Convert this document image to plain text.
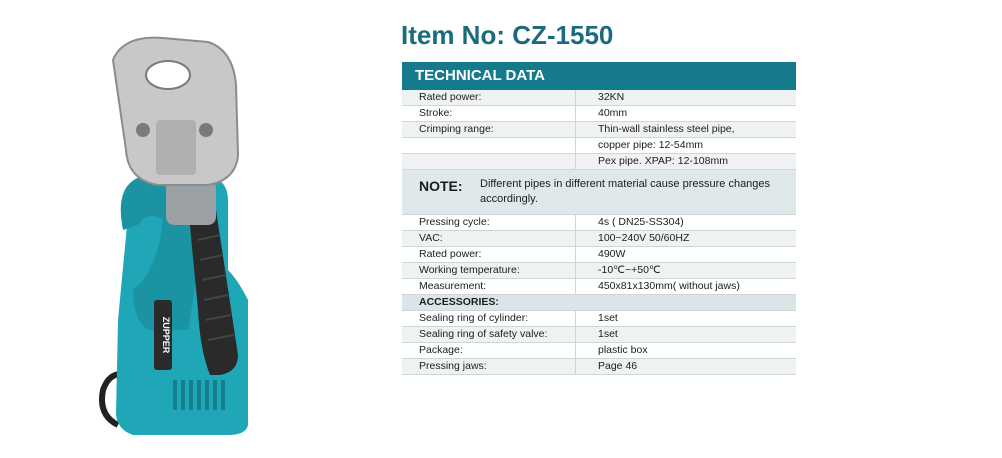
ZUPPER
Item No: CZ-1550
TECHNICAL DATA
Rated power:	32KN
Stroke:	40mm
Crimping range:	Thin-wall stainless steel pipe,
	copper pipe: 12-54mm
	Pex pipe. XPAP: 12-108mm
NOTE: Different pipes in different material cause pressure changes accordingly.
Pressing cycle:	4s ( DN25-SS304)
VAC:	100~240V 50/60HZ
Rated power:	490W
Working temperature:	-10℃~+50℃
Measurement:	450x81x130mm( without jaws)
ACCESSORIES:	
Sealing ring of cylinder:	1set
Sealing ring of safety valve:	1set
Package:	plastic box
Pressing jaws:	Page 46
